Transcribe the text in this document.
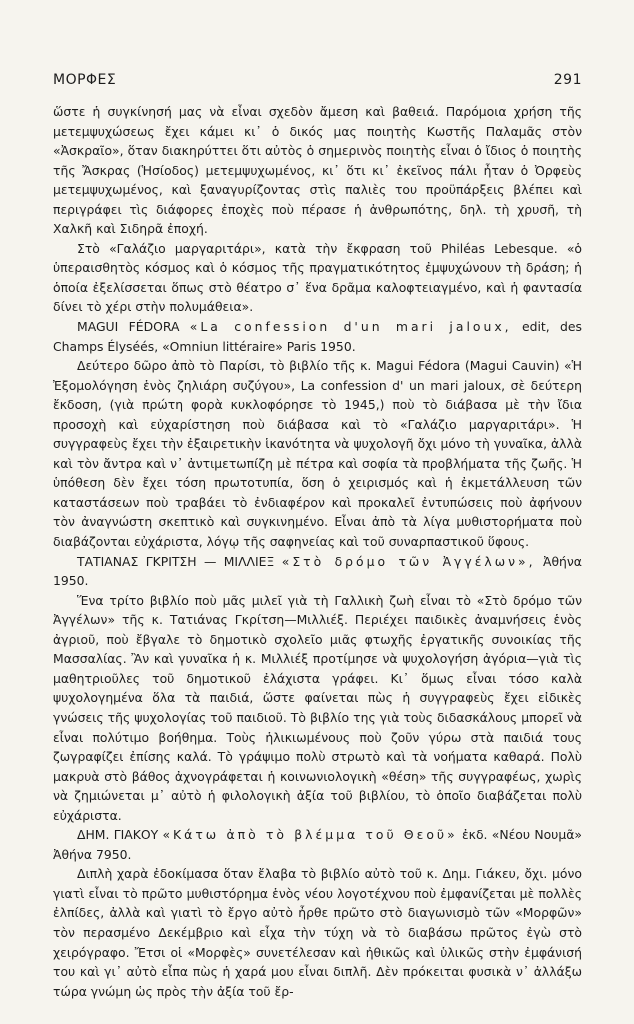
ΜΟΡΦΕΣ	291

ὥστε ἡ συγκίνησή μας νὰ εἶναι σχεδὸν ἄμεση καὶ βαθειά. Παρόμοια χρήση τῆς μετεμψυχώσεως ἔχει κάμει κι᾽ ὁ δικός μας ποιητὴς Κωστῆς Παλαμᾶς στὸν «Ἀσκραῖο», ὅταν διακηρύττει ὅτι αὐτὸς ὁ σημερινὸς ποιητὴς εἶναι ὁ ἴδιος ὁ ποιητὴς τῆς Ἄσκρας (Ἡσίοδος) μετεμψυχωμένος, κι᾽ ὅτι κι᾽ ἐκεῖνος πάλι ἦταν ὁ Ὀρφεὺς μετεμψυχωμένος, καὶ ξαναγυρίζοντας στὶς παλιὲς του προϋπάρξεις βλέπει καὶ περιγράφει τὶς διάφορες ἐποχὲς ποὺ πέρασε ἡ ἀνθρωπότης, δηλ. τὴ χρυσῆ, τὴ Χαλκῆ καὶ Σιδηρᾶ ἐποχή.

Στὸ «Γαλάζιο μαργαριτάρι», κατὰ τὴν ἔκφραση τοῦ Philéas Lebesque. «ὁ ὑπεραισθητὸς κόσμος καὶ ὁ κόσμος τῆς πραγματικότητος ἐμψυχώνουν τὴ δράση; ἡ ὁποία ἐξελίσσεται ὅπως στὸ θέατρο σ᾽ ἕνα δρᾶμα καλοφτειαγμένο, καὶ ἡ φαντασία δίνει τὸ χέρι στὴν πολυμάθεια».

MAGUI FÉDORA «La confession d'un mari jaloux, edit, des Champs Élyséés, «Omniun littéraire» Paris 1950.

Δεύτερο δῶρο ἀπὸ τὸ Παρίσι, τὸ βιβλίο τῆς κ. Magui Fédora (Magui Cauvin) «Ἡ Ἐξομολόγηση ἑνὸς ζηλιάρη συζύγου», La confession d' un mari jaloux, σὲ δεύτερη ἔκδοση, (γιὰ πρώτη φορὰ κυκλοφόρησε τὸ 1945,) ποὺ τὸ διάβασα μὲ τὴν ἴδια προσοχὴ καὶ εὐχαρίστηση ποὺ διάβασα καὶ τὸ «Γαλάζιο μαργαριτάρι». Ἡ συγγραφεὺς ἔχει τὴν ἐξαιρετικὴν ἱκανότητα νὰ ψυχολογῆ ὄχι μόνο τὴ γυναῖκα, ἀλλὰ καὶ τὸν ἄντρα καὶ ν᾽ ἀντιμετωπίζη μὲ πέτρα καὶ σοφία τὰ προβλήματα τῆς ζωῆς. Ἡ ὑπόθεση δὲν ἔχει τόση πρωτοτυπία, ὅση ὁ χειρισμός καὶ ἡ ἐκμετάλλευση τῶν καταστάσεων ποὺ τραβάει τὸ ἐνδιαφέρον καὶ προκαλεῖ ἐντυπώσεις ποὺ ἀφήνουν τὸν ἀναγνώστη σκεπτικὸ καὶ συγκινημένο. Εἶναι ἀπὸ τὰ λίγα μυθιστορήματα ποὺ διαβάζονται εὐχάριστα, λόγῳ τῆς σαφηνείας καὶ τοῦ συναρπαστικοῦ ὕφους.

ΤΑΤΙΑΝΑΣ ΓΚΡΙΤΣΗ — ΜΙΛΛΙΕΞ «Στὸ δρόμο τῶν Ἀγγέλων», Ἀθήνα 1950.

Ἕνα τρίτο βιβλίο ποὺ μᾶς μιλεῖ γιὰ τὴ Γαλλικὴ ζωὴ εἶναι τὸ «Στὸ δρόμο τῶν Ἀγγέλων» τῆς κ. Τατιάνας Γκρίτση—Μιλλιέξ. Περιέχει παιδικὲς ἀναμνήσεις ἑνὸς ἀγριοῦ, ποὺ ἔβγαλε τὸ δημοτικὸ σχολεῖο μιᾶς φτωχῆς ἐργατικῆς συνοικίας τῆς Μασσαλίας. Ἂν καὶ γυναῖκα ἡ κ. Μιλλιέξ προτίμησε νὰ ψυχολογήση ἀγόρια—γιὰ τὶς μαθητριοῦλες τοῦ δημοτικοῦ ἐλάχιστα γράφει. Κι᾽ ὅμως εἶναι τόσο καλὰ ψυχολογημένα ὅλα τὰ παιδιά, ὥστε φαίνεται πὼς ἡ συγγραφεὺς ἔχει εἰδικὲς γνώσεις τῆς ψυχολογίας τοῦ παιδιοῦ. Τὸ βιβλίο της γιὰ τοὺς διδασκάλους μπορεῖ νὰ εἶναι πολύτιμο βοήθημα. Τοὺς ἡλικιωμένους ποὺ ζοῦν γύρω στὰ παιδιά τους ζωγραφίζει ἐπίσης καλά. Τὸ γράψιμο πολὺ στρωτὸ καὶ τὰ νοήματα καθαρά. Πολὺ μακρυὰ στὸ βάθος ἀχνογράφεται ἡ κοινωνιολογικὴ «θέση» τῆς συγγραφέως, χωρὶς νὰ ζημιώνεται μ᾽ αὐτὸ ἡ φιλολογικὴ ἀξία τοῦ βιβλίου, τὸ ὁποῖο διαβάζεται πολὺ εὐχάριστα.

ΔΗΜ. ΓΙΑΚΟΥ «Κάτω ἀπὸ τὸ βλέμμα τοῦ Θεοῦ» ἐκδ. «Νέου Νουμᾶ» Ἀθήνα 7950.

Διπλὴ χαρὰ ἐδοκίμασα ὅταν ἔλαβα τὸ βιβλίο αὐτὸ τοῦ κ. Δημ. Γιάκευ, ὄχι. μόνο γιατὶ εἶναι τὸ πρῶτο μυθιστόρημα ἑνὸς νέου λογοτέχνου ποὺ ἐμφανίζεται μὲ πολλὲς ἐλπίδες, ἀλλὰ καὶ γιατὶ τὸ ἔργο αὐτὸ ἦρθε πρῶτο στὸ διαγωνισμὸ τῶν «Μορφῶν» τὸν περασμένο Δεκέμβριο καὶ εἶχα τὴν τύχη νὰ τὸ διαβάσω πρῶτος ἐγὼ στὸ χειρόγραφο. Ἔτσι οἱ «Μορφὲς» συνετέλεσαν καὶ ἠθικῶς καὶ ὑλικῶς στὴν ἐμφάνισή του καὶ γι᾽ αὐτὸ εἶπα πὼς ἡ χαρά μου εἶναι διπλῆ. Δὲν πρόκειται φυσικὰ ν᾽ ἀλλάξω τώρα γνώμη ὡς πρὸς τὴν ἀξία τοῦ ἔρ-
